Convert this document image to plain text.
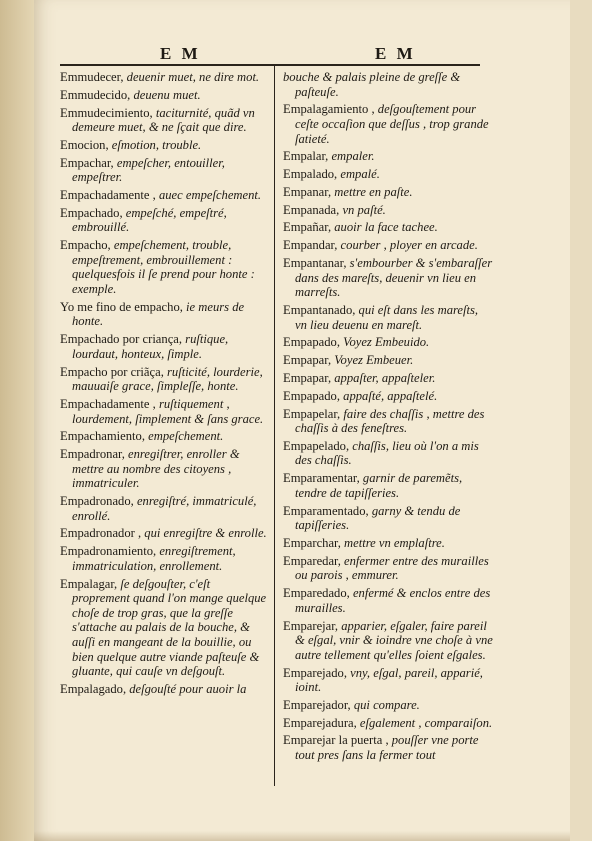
E M	E M
Emmudecer, deuenir muet, ne dire mot.
Emmudecido, deuenu muet.
Emmudecimiento, taciturnité, quãd vn demeure muet, & ne ſçait que dire.
Emocion, eſmotion, trouble.
Empachar, empeſcher, entouiller, empeſtrer.
Empachadamente , auec empeſchement.
Empachado, empeſché, empeſtré, embrouillé.
Empacho, empeſchement, trouble, empeſtrement, embrouillement : quelquesfois il ſe prend pour honte : exemple.
Yo me fino de empacho, ie meurs de honte.
Empachado por criança, ruſtique, lourdaut, honteux, ſimple.
Empacho por criãça, ruſticité, lourderie, mauuaiſe grace, ſimpleſſe, honte.
Empachadamente , ruſtiquement , lourdement, ſimplement & ſans grace.
Empachamiento, empeſchement.
Empadronar, enregiſtrer, enroller & mettre au nombre des citoyens , immatriculer.
Empadronado, enregiſtré, immatriculé, enrollé.
Empadronador , qui enregiſtre & enrolle.
Empadronamiento, enregiſtrement, immatriculation, enrollement.
Empalagar, ſe deſgouſter, c'eſt proprement quand l'on mange quelque choſe de trop gras, que la greſſe s'attache au palais de la bouche, & auſſi en mangeant de la bouillie, ou bien quelque autre viande paſteuſe & gluante, qui cauſe vn deſgouſt.
Empalagado, deſgouſté pour auoir la
bouche & palais pleine de greſſe & paſteuſe.
Empalagamiento , deſgouſtement pour ceſte occaſion que deſſus , trop grande ſatieté.
Empalar, empaler.
Empalado, empalé.
Empanar, mettre en paſte.
Empanada, vn paſté.
Empañar, auoir la face tachee.
Empandar, courber , ployer en arcade.
Empantanar, s'embourber & s'embaraſſer dans des mareſts, deuenir vn lieu en marreſts.
Empantanado, qui eſt dans les mareſts, vn lieu deuenu en mareſt.
Empapado, Voyez Embeuido.
Empapar, Voyez Embeuer.
Empapar, appaſter, appaſteler.
Empapado, appaſté, appaſtelé.
Empapelar, faire des chaſſis , mettre des chaſſis à des feneſtres.
Empapelado, chaſſis, lieu où l'on a mis des chaſſis.
Emparamentar, garnir de paremẽts, tendre de tapiſſeries.
Emparamentado, garny & tendu de tapiſſeries.
Emparchar, mettre vn emplaſtre.
Emparedar, enfermer entre des murailles ou parois , emmurer.
Emparedado, enfermé & enclos entre des murailles.
Emparejar, apparier, eſgaler, faire pareil & eſgal, vnir & ioindre vne choſe à vne autre tellement qu'elles ſoient eſgales.
Emparejado, vny, eſgal, pareil, apparié, ioint.
Emparejador, qui compare.
Emparejadura, eſgalement , comparaiſon.
Emparejar la puerta , pouſſer vne porte tout pres ſans la fermer tout
